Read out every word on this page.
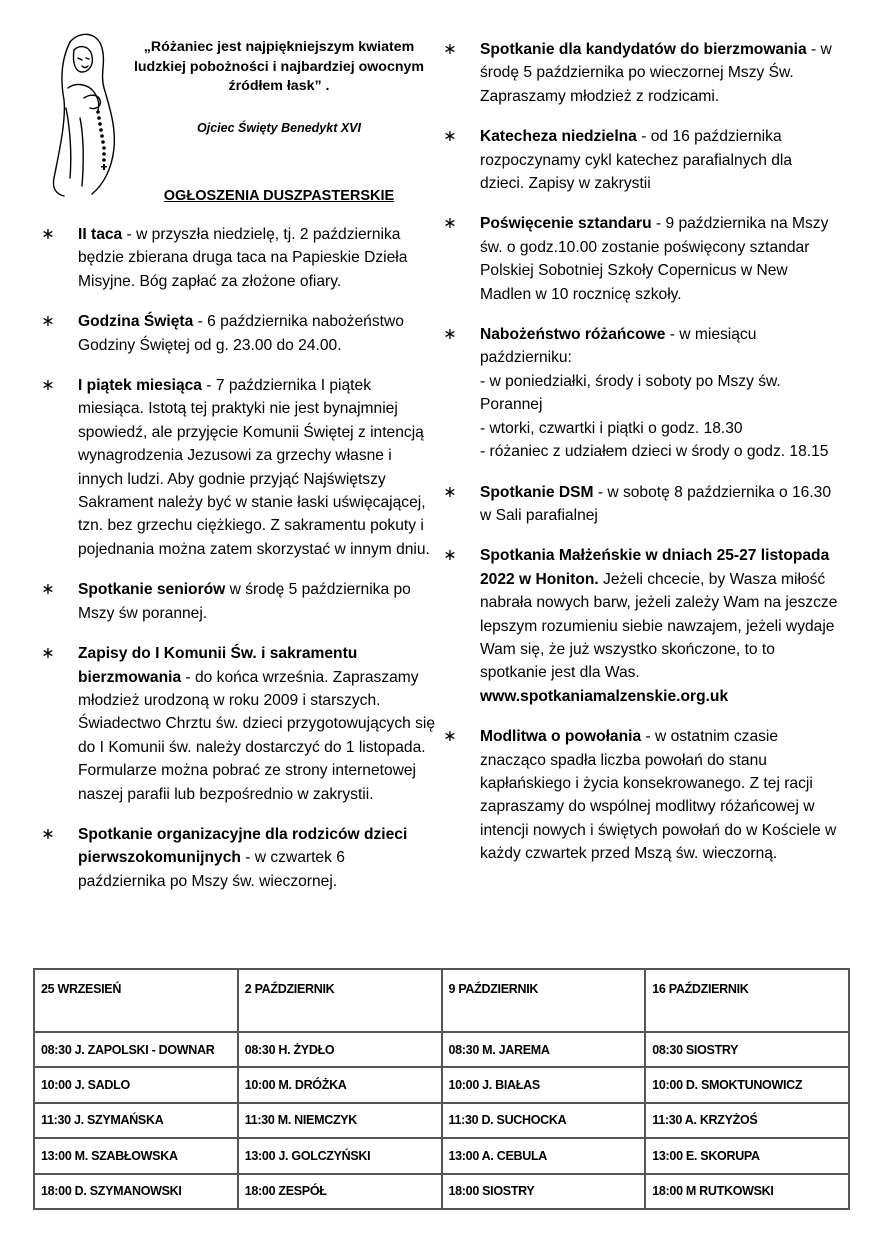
„Różaniec jest najpiękniejszym kwiatem ludzkiej pobożności i najbardziej owocnym źródłem łask” .
Ojciec Święty Benedykt XVI
OGŁOSZENIA DUSZPASTERSKIE
∗ II taca - w przyszła niedzielę, tj. 2 października będzie zbierana druga taca na Papieskie Dzieła Misyjne. Bóg zapłać za złożone ofiary.
∗ Godzina Święta - 6 października nabożeństwo Godziny Świętej od g. 23.00 do 24.00.
∗ I piątek miesiąca - 7 października I piątek miesiąca. Istotą tej praktyki nie jest bynajmniej spowiedź, ale przyjęcie Komunii Świętej z intencją wynagrodzenia Jezusowi za grzechy własne i innych ludzi. Aby godnie przyjąć Najświętszy Sakrament należy być w stanie łaski uświęcającej, tzn. bez grzechu ciężkiego. Z sakramentu pokuty i pojednania można zatem skorzystać w innym dniu.
∗ Spotkanie seniorów w środę 5 października po Mszy św porannej.
∗ Zapisy do I Komunii Św. i sakramentu bierzmowania - do końca września. Zapraszamy młodzież urodzoną w roku 2009 i starszych. Świadectwo Chrztu św. dzieci przygotowujących się do I Komunii św. należy dostarczyć do 1 listopada. Formularze można pobrać ze strony internetowej naszej parafii lub bezpośrednio w zakrystii.
∗ Spotkanie organizacyjne dla rodziców dzieci pierwszokomunijnych - w czwartek 6 października po Mszy św. wieczornej.
∗ Spotkanie dla kandydatów do bierzmowania - w środę 5 października po wieczornej Mszy Św. Zapraszamy młodzież z rodzicami.
∗ Katecheza niedzielna - od 16 października rozpoczynamy cykl katechez parafialnych dla dzieci. Zapisy w zakrystii
∗ Poświęcenie sztandaru - 9 października na Mszy św. o godz.10.00 zostanie poświęcony sztandar Polskiej Sobotniej Szkoły Copernicus w New Madlen w 10 rocznicę szkoły.
∗ Nabożeństwo różańcowe - w miesiącu październiku:
- w poniedziałki, środy i soboty po Mszy św. Porannej
- wtorki, czwartki i piątki o godz. 18.30
- różaniec z udziałem dzieci w środy o godz. 18.15
∗ Spotkanie DSM - w sobotę 8 października o 16.30 w Sali parafialnej
∗ Spotkania Małżeńskie w dniach 25-27 listopada 2022 w Honiton. Jeżeli chcecie, by Wasza miłość nabrała nowych barw, jeżeli zależy Wam na jeszcze lepszym rozumieniu siebie nawzajem, jeżeli wydaje Wam się, że już wszystko skończone, to to spotkanie jest dla Was. www.spotkaniamalzenskie.org.uk
∗ Modlitwa o powołania - w ostatnim czasie znacząco spadła liczba powołań do stanu kapłańskiego i życia konsekrowanego. Z tej racji zapraszamy do wspólnej modlitwy różańcowej w intencji nowych i świętych powołań do w Kościele w każdy czwartek przed Mszą św. wieczorną.
25 WRZESIEŃ	2 PAŹDZIERNIK	9 PAŹDZIERNIK	16 PAŹDZIERNIK
08:30 J. ZAPOLSKI - DOWNAR	08:30 H. ŻYDŁO	08:30 M. JAREMA	08:30 SIOSTRY
10:00 J. SADLO	10:00 M. DRÓŻKA	10:00 J. BIAŁAS	10:00 D. SMOKTUNOWICZ
11:30 J. SZYMAŃSKA	11:30 M. NIEMCZYK	11:30 D. SUCHOCKA	11:30 A. KRZYŻOŚ
13:00 M. SZABŁOWSKA	13:00 J. GOLCZYŃSKI	13:00 A. CEBULA	13:00 E. SKORUPA
18:00 D. SZYMANOWSKI	18:00 ZESPÓŁ	18:00 SIOSTRY	18:00 M RUTKOWSKI
